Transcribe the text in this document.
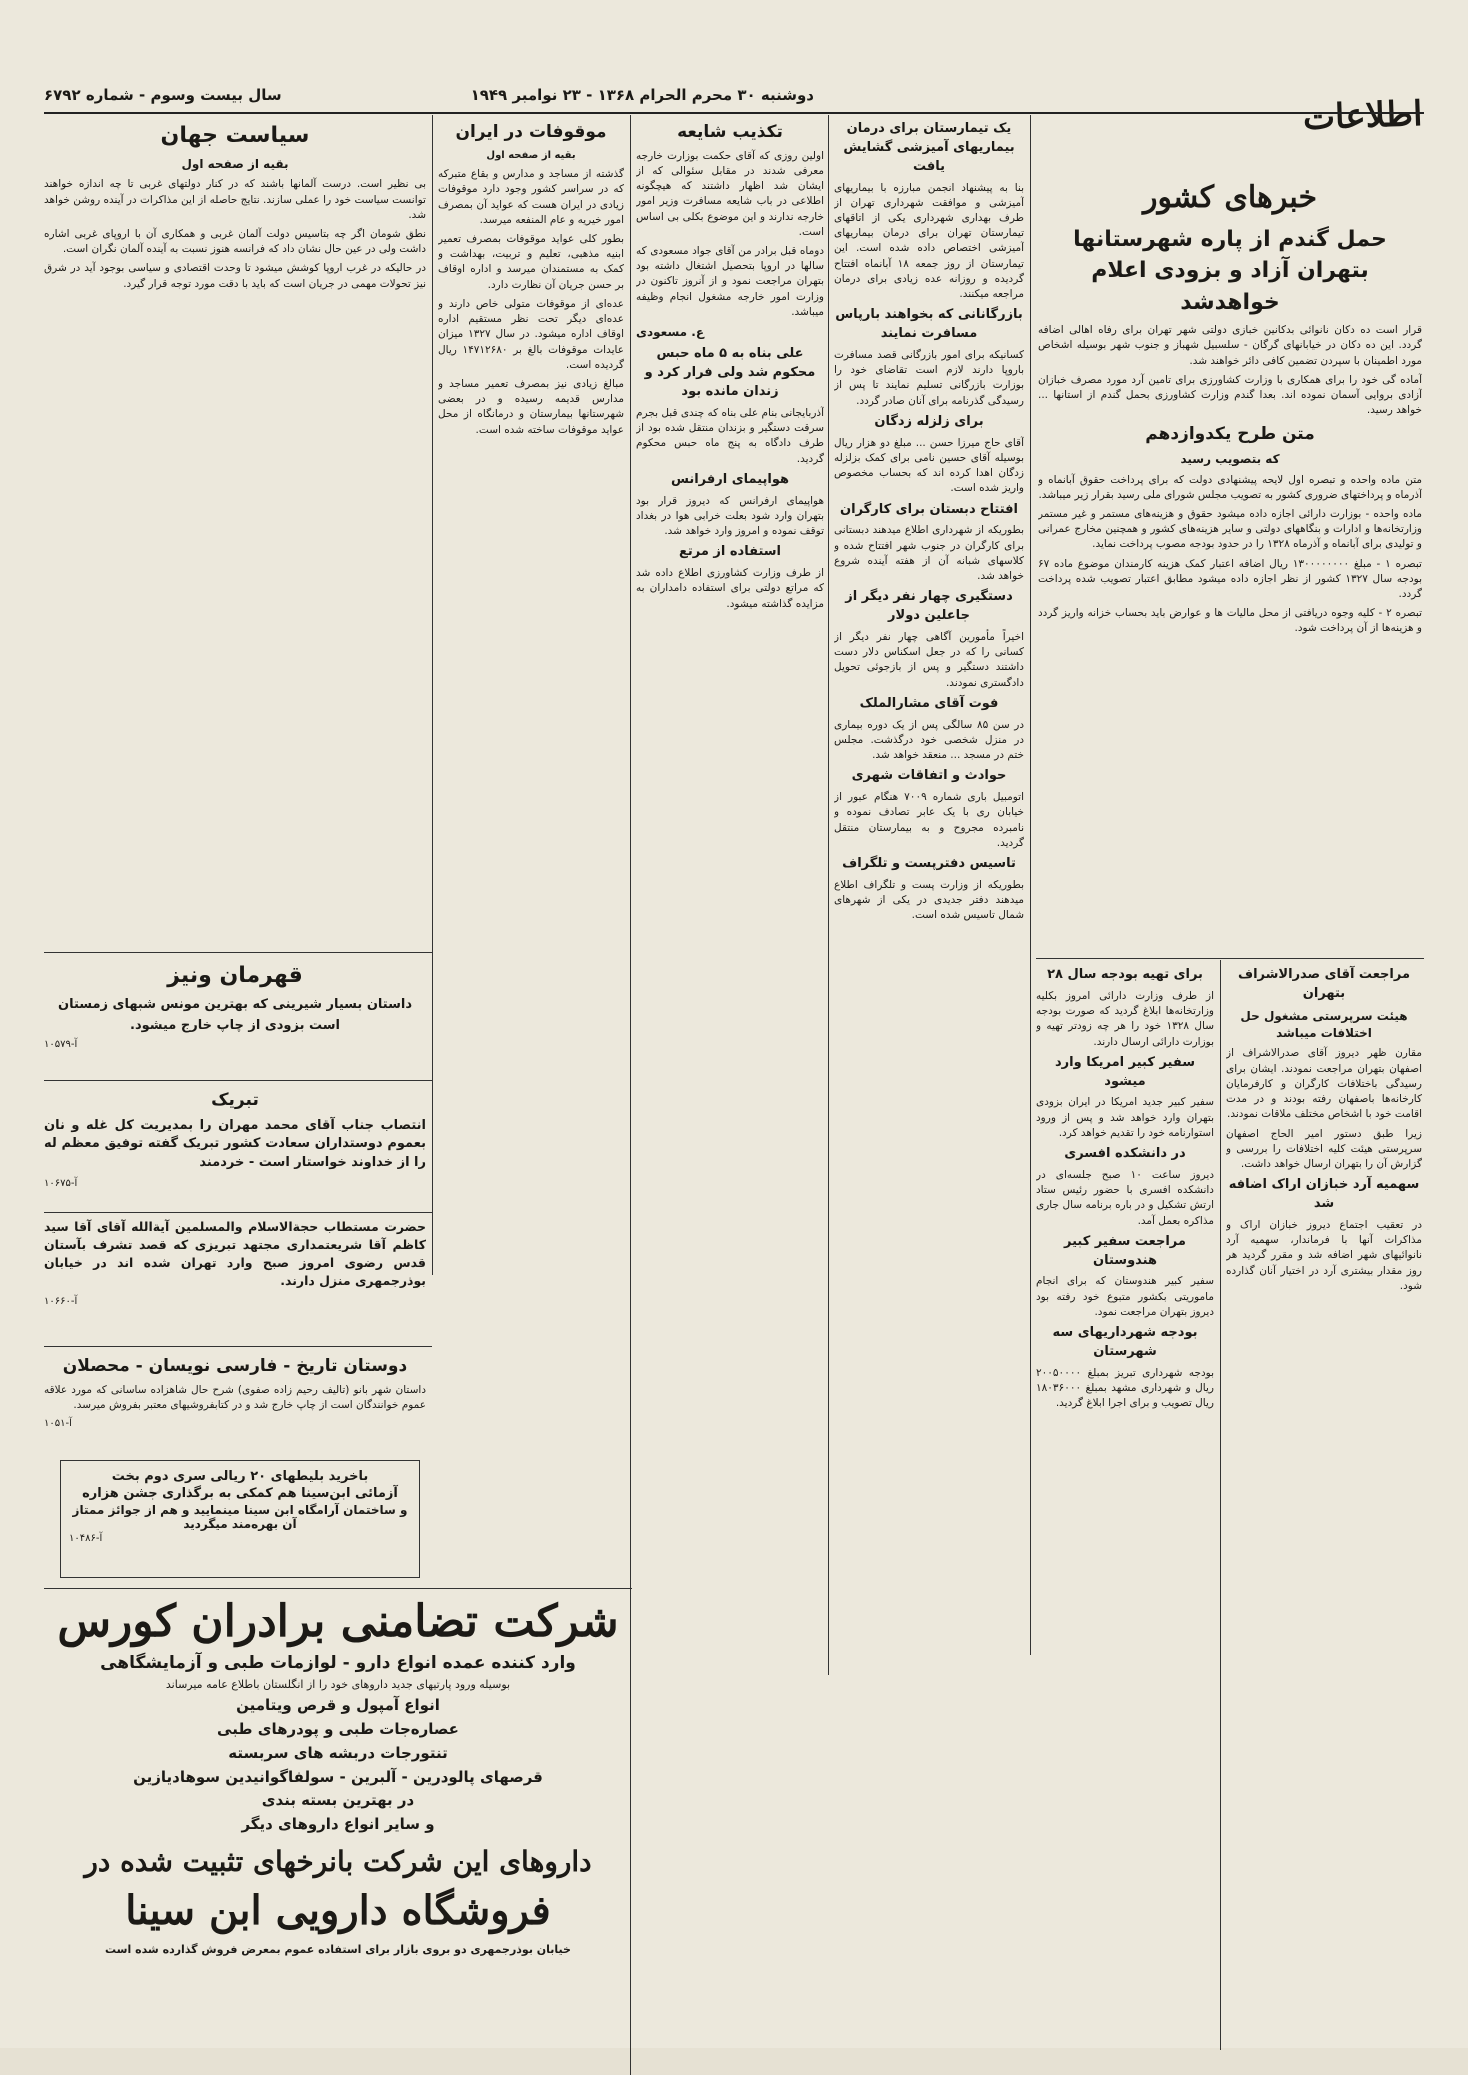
اطلاعات
دوشنبه ۳۰ محرم الحرام ۱۳۶۸ - ۲۳ نوامبر ۱۹۴۹
سال بیست وسوم - شماره ۶۷۹۲
خبرهای کشور
حمل گندم از پاره‌ شهرستانها بتهران آزاد و بزودی اعلام خواهدشد

قرار است ده دکان نانوائی بدکانین خبازی دولتی شهر تهران برای رفاه اهالی اضافه گردد. این ده دکان در خیابانهای گرگان - سلسبیل شهباز و جنوب شهر بوسیله اشخاص مورد اطمینان با سپردن تضمین کافی دائر خواهند شد.

آماده گی خود را برای همکاری با وزارت کشاورزی برای تامین آرد مورد مصرف خبازان آزادی بروایی آسمان نموده اند. بعدا گندم وزارت کشاورزی بحمل گندم از استانها ... خواهد رسید.

متن طرح یکدوازدهم
که بتصویب رسید

متن ماده واحده و تبصره اول لایحه پیشنهادی دولت که برای پرداخت حقوق آبانماه و آذرماه و پرداختهای ضروری کشور به تصویب مجلس شورای ملی رسید بقرار زیر میباشد.

ماده واحده - بوزارت دارائی اجازه داده میشود حقوق و هزینه‌های مستمر و غیر مستمر وزارتخانه‌ها و ادارات و بنگاههای دولتی و سایر هزینه‌های کشور و همچنین مخارج عمرانی و تولیدی برای آبانماه و آذرماه ۱۳۲۸ را در حدود بودجه مصوب پرداخت نماید.

تبصره ۱ - مبلغ ۱۳۰۰۰۰۰۰۰۰ ریال اضافه اعتبار کمک هزینه کارمندان موضوع ماده ۶۷ بودجه سال ۱۳۲۷ کشور از نظر اجازه داده میشود مطابق اعتبار تصویب شده پرداخت گردد.

تبصره ۲ - کلیه وجوه دریافتی از محل مالیات ها و عوارض باید بحساب خزانه واریز گردد و هزینه‌ها از آن پرداخت شود.

یک تیمارستان برای درمان بیماریهای آمیزشی گشایش یافت

بنا به پیشنهاد انجمن مبارزه با بیماریهای آمیزشی و موافقت شهرداری تهران از طرف بهداری شهرداری یکی از اتاقهای تیمارستان تهران برای درمان بیماریهای آمیزشی اختصاص داده شده است. این تیمارستان از روز جمعه ۱۸ آبانماه افتتاح گردیده و روزانه عده زیادی برای درمان مراجعه میکنند.

بازرگانانی که بخواهند بارپاس مسافرت نمایند

کسانیکه برای امور بازرگانی قصد مسافرت باروپا دارند لازم است تقاضای خود را بوزارت بازرگانی تسلیم نمایند تا پس از رسیدگی گذرنامه برای آنان صادر گردد.

برای زلزله زدگان

آقای حاج میرزا حسن ... مبلغ دو هزار ریال بوسیله آقای حسین نامی برای کمک بزلزله زدگان اهدا کرده اند که بحساب مخصوص واریز شده است.

افتتاح دبستان برای کارگران

بطوریکه از شهرداری اطلاع میدهند دبستانی برای کارگران در جنوب شهر افتتاح شده و کلاسهای شبانه آن از هفته آینده شروع خواهد شد.

دستگیری چهار نفر دیگر از جاعلین دولار

اخیراً مأمورین آگاهی چهار نفر دیگر از کسانی را که در جعل اسکناس دلار دست داشتند دستگیر و پس از بازجوئی تحویل دادگستری نمودند.

فوت آقای مشارالملک

در سن ۸۵ سالگی پس از یک دوره بیماری در منزل شخصی خود درگذشت. مجلس ختم در مسجد ... منعقد خواهد شد.

حوادث و اتفاقات شهری

اتومبیل باری شماره ۷۰۰۹ هنگام عبور از خیابان ری با یک عابر تصادف نموده و نامبرده مجروح و به بیمارستان منتقل گردید.

تاسیس دفترپست و تلگراف

بطوریکه از وزارت پست و تلگراف اطلاع میدهند دفتر جدیدی در یکی از شهرهای شمال تاسیس شده است.

تکذیب شایعه

اولین روزی که آقای حکمت بوزارت خارجه معرفی شدند در مقابل سئوالی که از ایشان شد اظهار داشتند که هیچگونه اطلاعی در باب شایعه مسافرت وزیر امور خارجه ندارند و این موضوع بکلی بی اساس است.

دوماه قبل برادر من آقای جواد مسعودی که سالها در اروپا بتحصیل اشتغال داشته بود بتهران مراجعت نمود و از آنروز تاکنون در وزارت امور خارجه مشغول انجام وظیفه میباشد.

ع. مسعودی
علی بناه به ۵ ماه حبس محکوم شد ولی فرار کرد و زندان مانده بود

آذربایجانی بنام علی بناه که چندی قبل بجرم سرقت دستگیر و بزندان منتقل شده بود از طرف دادگاه به پنج ماه حبس محکوم گردید.

هواپیمای ارفرانس

هواپیمای ارفرانس که دیروز قرار بود بتهران وارد شود بعلت خرابی هوا در بغداد توقف نموده و امروز وارد خواهد شد.

استفاده از مرتع

از طرف وزارت کشاورزی اطلاع داده شد که مراتع دولتی برای استفاده دامداران به مزایده گذاشته میشود.

موقوفات در ایران
بقیه از صفحه اول

گذشته از مساجد و مدارس و بقاع متبرکه که در سراسر کشور وجود دارد موقوفات زیادی در ایران هست که عواید آن بمصرف امور خیریه و عام المنفعه میرسد.

بطور کلی عواید موقوفات بمصرف تعمیر ابنیه مذهبی، تعلیم و تربیت، بهداشت و کمک به مستمندان میرسد و اداره اوقاف بر حسن جریان آن نظارت دارد.

عده‌ای از موقوفات متولی خاص دارند و عده‌ای دیگر تحت نظر مستقیم اداره اوقاف اداره میشود. در سال ۱۳۲۷ میزان عایدات موقوفات بالغ بر ۱۴۷۱۲۶۸۰ ریال گردیده است.

مبالغ زیادی نیز بمصرف تعمیر مساجد و مدارس قدیمه رسیده و در بعضی شهرستانها بیمارستان و درمانگاه از محل عواید موقوفات ساخته شده است.

سیاست جهان
بقیه از صفحه اول

بی نظیر است. درست آلمانها باشند که در کنار دولتهای غربی تا چه اندازه خواهند توانست سیاست خود را عملی سازند. نتایج حاصله از این مذاکرات در آینده روشن خواهد شد.

نطق شومان اگر چه بتاسیس دولت آلمان غربی و همکاری آن با اروپای غربی اشاره داشت ولی در عین حال نشان داد که فرانسه هنوز نسبت به آینده آلمان نگران است.

در حالیکه در غرب اروپا کوشش میشود تا وحدت اقتصادی و سیاسی بوجود آید در شرق نیز تحولات مهمی در جریان است که باید با دقت مورد توجه قرار گیرد.

قهرمان ونیز
داستان بسیار شیرینی که بهترین مونس شبهای زمستان
است بزودی از چاپ خارج میشود.
آ-۱۰۵۷۹
تبریک

انتصاب جناب آقای محمد مهران را بمدیریت کل غله و نان بعموم دوستداران سعادت کشور تبریک گفته توفیق معظم له را از خداوند خواستار است - خردمند

آ-۱۰۶۷۵

حضرت مستطاب حجة‌الاسلام والمسلمین آیة‌الله آقای آقا سید کاظم آقا شریعتمداری مجتهد تبریزی که قصد تشرف بآستان قدس رضوی امروز صبح وارد تهران شده اند در خیابان بوذرجمهری منزل دارند.

آ-۱۰۶۶۰
دوستان تاریخ - فارسی نویسان - محصلان

داستان شهر بانو (تالیف رحیم زاده صفوی) شرح حال شاهزاده ساسانی که مورد علاقه عموم خوانندگان است از چاپ خارج شد و در کتابفروشیهای معتبر بفروش میرسد.

آ-۱۰۵۱
باخرید بلیطهای ۲۰ ریالی سری دوم بخت
آزمائی ابن‌سینا هم کمکی به برگذاری جشن هزاره
و ساختمان آرامگاه ابن سینا مینمایید و هم از جوائز ممتاز آن بهره‌مند میگردید
آ-۱۰۴۸۶
برای تهیه بودجه سال ۲۸

از طرف وزارت دارائی امروز بکلیه وزارتخانه‌ها ابلاغ گردید که صورت بودجه سال ۱۳۲۸ خود را هر چه زودتر تهیه و بوزارت دارائی ارسال دارند.

سفیر کبیر امریکا وارد میشود

سفیر کبیر جدید امریکا در ایران بزودی بتهران وارد خواهد شد و پس از ورود استوارنامه خود را تقدیم خواهد کرد.

در دانشکده افسری

دیروز ساعت ۱۰ صبح جلسه‌ای در دانشکده افسری با حضور رئیس ستاد ارتش تشکیل و در باره برنامه سال جاری مذاکره بعمل آمد.

مراجعت سفیر کبیر هندوستان

سفیر کبیر هندوستان که برای انجام ماموریتی بکشور متبوع خود رفته بود دیروز بتهران مراجعت نمود.

بودجه شهرداریهای سه شهرستان

بودجه شهرداری تبریز بمبلغ ۲۰۰۵۰۰۰۰ ریال و شهرداری مشهد بمبلغ ۱۸۰۳۶۰۰۰ ریال تصویب و برای اجرا ابلاغ گردید.

مراجعت آقای صدرالاشراف بتهران
هیئت سرپرستی مشغول حل اختلافات میباشد

مقارن ظهر دیروز آقای صدرالاشراف از اصفهان بتهران مراجعت نمودند. ایشان برای رسیدگی باختلافات کارگران و کارفرمایان کارخانه‌ها باصفهان رفته بودند و در مدت اقامت خود با اشخاص مختلف ملاقات نمودند.

زیرا طبق دستور امیر الحاج اصفهان سرپرستی هیئت کلیه اختلافات را بررسی و گزارش آن را بتهران ارسال خواهد داشت.

سهمیه آرد خبازان اراک اضافه شد

در تعقیب اجتماع دیروز خبازان اراک و مذاکرات آنها با فرماندار، سهمیه آرد نانوائیهای شهر اضافه شد و مقرر گردید هر روز مقدار بیشتری آرد در اختیار آنان گذارده شود.

شرکت تضامنی برادران کورس
وارد کننده عمده انواع دارو - لوازمات طبی و آزمایشگاهی
بوسیله ورود پارتیهای جدید داروهای خود را از انگلستان باطلاع عامه میرساند
انواع آمپول و قرص ویتامین
عصاره‌جات طبی و پودرهای طبی
تنتورجات دربشه های سربسته
قرصهای پالودرین - آلبرین - سولفاگوانیدین سوهادیازین
در بهترین بسته بندی
و سایر انواع داروهای دیگر
داروهای این شرکت بانرخهای تثبیت شده در
فروشگاه دارویی ابن سینا
خیابان بوذرجمهری دو بروی بازار برای استفاده عموم بمعرض فروش گذارده شده است
